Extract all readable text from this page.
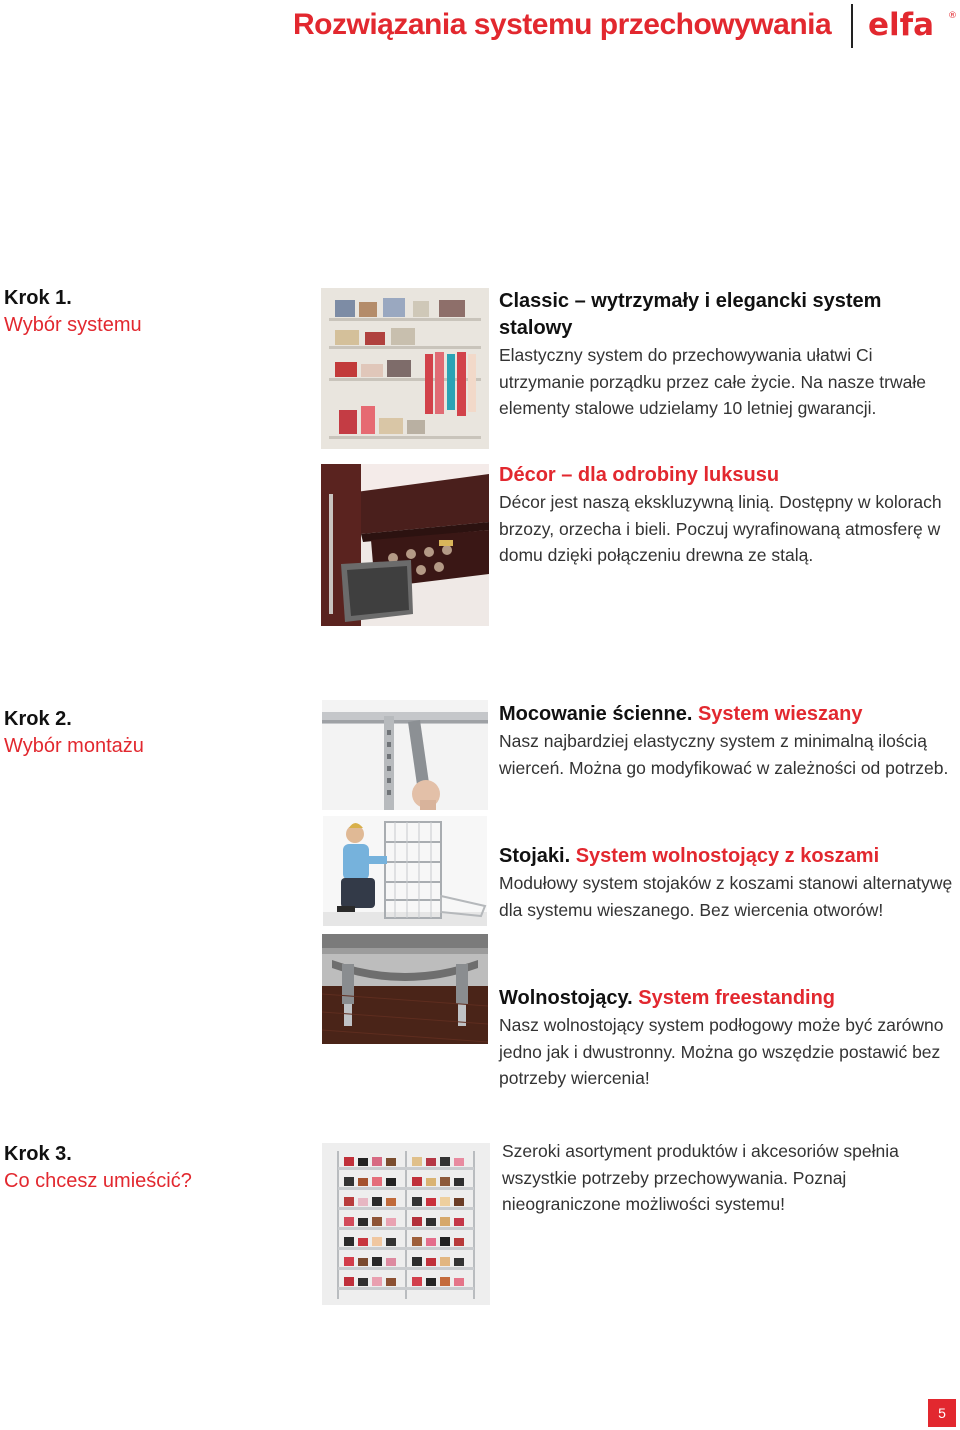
Rozwiązania systemu przechowywania elfa ®
Krok 1.
Wybór systemu
Classic – wytrzymały i elegancki system stalowy

Elastyczny system do przechowywania ułatwi Ci utrzymanie porządku przez całe życie. Na nasze trwałe elementy stalowe udzielamy 10 letniej gwarancji.

Décor – dla odrobiny luksusu

Décor jest naszą ekskluzywną linią. Dostępny w kolorach brzozy, orzecha i bieli. Poczuj wyrafinowaną atmosferę w domu dzięki połączeniu drewna ze stalą.

Krok 2.
Wybór montażu
Mocowanie ścienne. System wieszany

Nasz najbardziej elastyczny system z minimalną ilością wierceń. Można go modyfikować w zależności od potrzeb.

Stojaki. System wolnostojący z koszami

Modułowy system stojaków z koszami stanowi alternatywę dla systemu wieszanego. Bez wiercenia otworów!

Wolnostojący. System freestanding

Nasz wolnostojący system podłogowy może być zarówno jedno jak i dwustronny. Można go wszędzie postawić bez potrzeby wiercenia!

Krok 3.
Co chcesz umieścić?

Szeroki asortyment produktów i akcesoriów spełnia wszystkie potrzeby przechowywania. Poznaj nieograniczone możliwości systemu!

5
